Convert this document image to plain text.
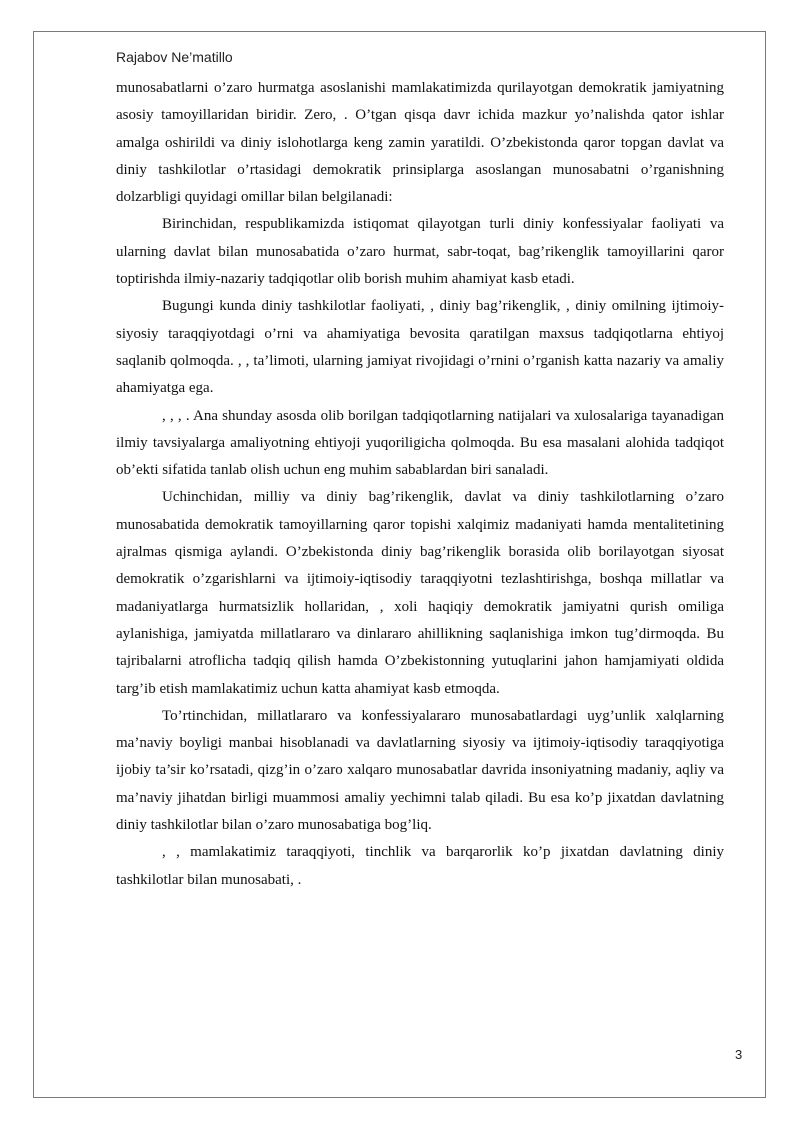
Rajabov Ne’matillo

munosabatlarni o’zaro hurmatga asoslanishi mamlakatimizda qurilayotgan demokratik jamiyatning asosiy tamoyillaridan biridir. Zero, . O’tgan qisqa davr ichida mazkur yo’nalishda qator ishlar amalga oshirildi va diniy islohotlarga keng zamin yaratildi. O’zbekistonda qaror topgan davlat va diniy tashkilotlar o’rtasidagi demokratik prinsiplarga asoslangan munosabatni o’rganishning dolzarbligi quyidagi omillar bilan belgilanadi:

Birinchidan, respublikamizda istiqomat qilayotgan turli diniy konfessiyalar faoliyati va ularning davlat bilan munosabatida o’zaro hurmat, sabr-toqat, bag’rikenglik tamoyillarini qaror toptirishda ilmiy-nazariy tadqiqotlar olib borish muhim ahamiyat kasb etadi.

Bugungi kunda diniy tashkilotlar faoliyati, , diniy bag’rikenglik, , diniy omilning ijtimoiy-siyosiy taraqqiyotdagi o’rni va ahamiyatiga bevosita qaratilgan maxsus tadqiqotlarna ehtiyoj saqlanib qolmoqda. , , ta’limoti, ularning jamiyat rivojidagi o’rnini o’rganish katta nazariy va amaliy ahamiyatga ega.

, , , . Ana shunday asosda olib borilgan tadqiqotlarning natijalari va xulosalariga tayanadigan ilmiy tavsiyalarga amaliyotning ehtiyoji yuqoriligicha qolmoqda. Bu esa masalani alohida tadqiqot ob’ekti sifatida tanlab olish uchun eng muhim sabablardan biri sanaladi.

Uchinchidan, milliy va diniy bag’rikenglik, davlat va diniy tashkilotlarning o’zaro munosabatida demokratik tamoyillarning qaror topishi xalqimiz madaniyati hamda mentalitetining ajralmas qismiga aylandi. O’zbekistonda diniy bag’rikenglik borasida olib borilayotgan siyosat demokratik o’zgarishlarni va ijtimoiy-iqtisodiy taraqqiyotni tezlashtirishga, boshqa millatlar va madaniyatlarga hurmatsizlik hollaridan, , xoli haqiqiy demokratik jamiyatni qurish omiliga aylanishiga, jamiyatda millatlararo va dinlararo ahillikning saqlanishiga imkon tug’dirmoqda. Bu tajribalarni atroflicha tadqiq qilish hamda O’zbekistonning yutuqlarini jahon hamjamiyati oldida targ’ib etish mamlakatimiz uchun katta ahamiyat kasb etmoqda.

To’rtinchidan, millatlararo va konfessiyalararo munosabatlardagi uyg’unlik xalqlarning ma’naviy boyligi manbai hisoblanadi va davlatlarning siyosiy va ijtimoiy-iqtisodiy taraqqiyotiga ijobiy ta’sir ko’rsatadi, qizg’in o’zaro xalqaro munosabatlar davrida insoniyatning madaniy, aqliy va ma’naviy jihatdan birligi muammosi amaliy yechimni talab qiladi. Bu esa ko’p jixatdan davlatning diniy tashkilotlar bilan o’zaro munosabatiga bog’liq.

, , mamlakatimiz taraqqiyoti, tinchlik va barqarorlik ko’p jixatdan davlatning diniy tashkilotlar bilan munosabati, .

3
